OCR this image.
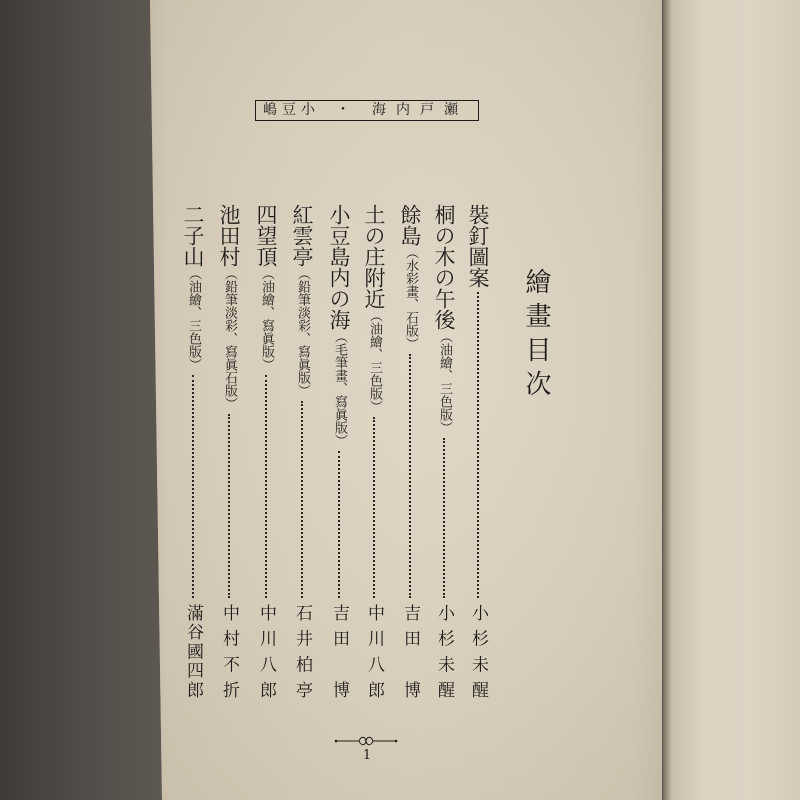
嶋豆小 ・ 海内戸瀬
繪畫目次
裝釘圖案
小杉未醒
桐の木の午後
（油繪、三色版）
小杉未醒
餘島
（水彩畫、石版）
吉田　博
土の庄附近
（油繪、三色版）
中川八郎
小豆島内の海
（毛筆畫、寫眞版）
吉田　博
紅雲亭
（鉛筆淡彩、寫眞版）
石井柏亭
四望頂
（油繪、寫眞版）
中川八郎
池田村
（鉛筆淡彩、寫眞石版）
中村不折
二子山
（油繪、三色版）
滿谷國四郎
1
